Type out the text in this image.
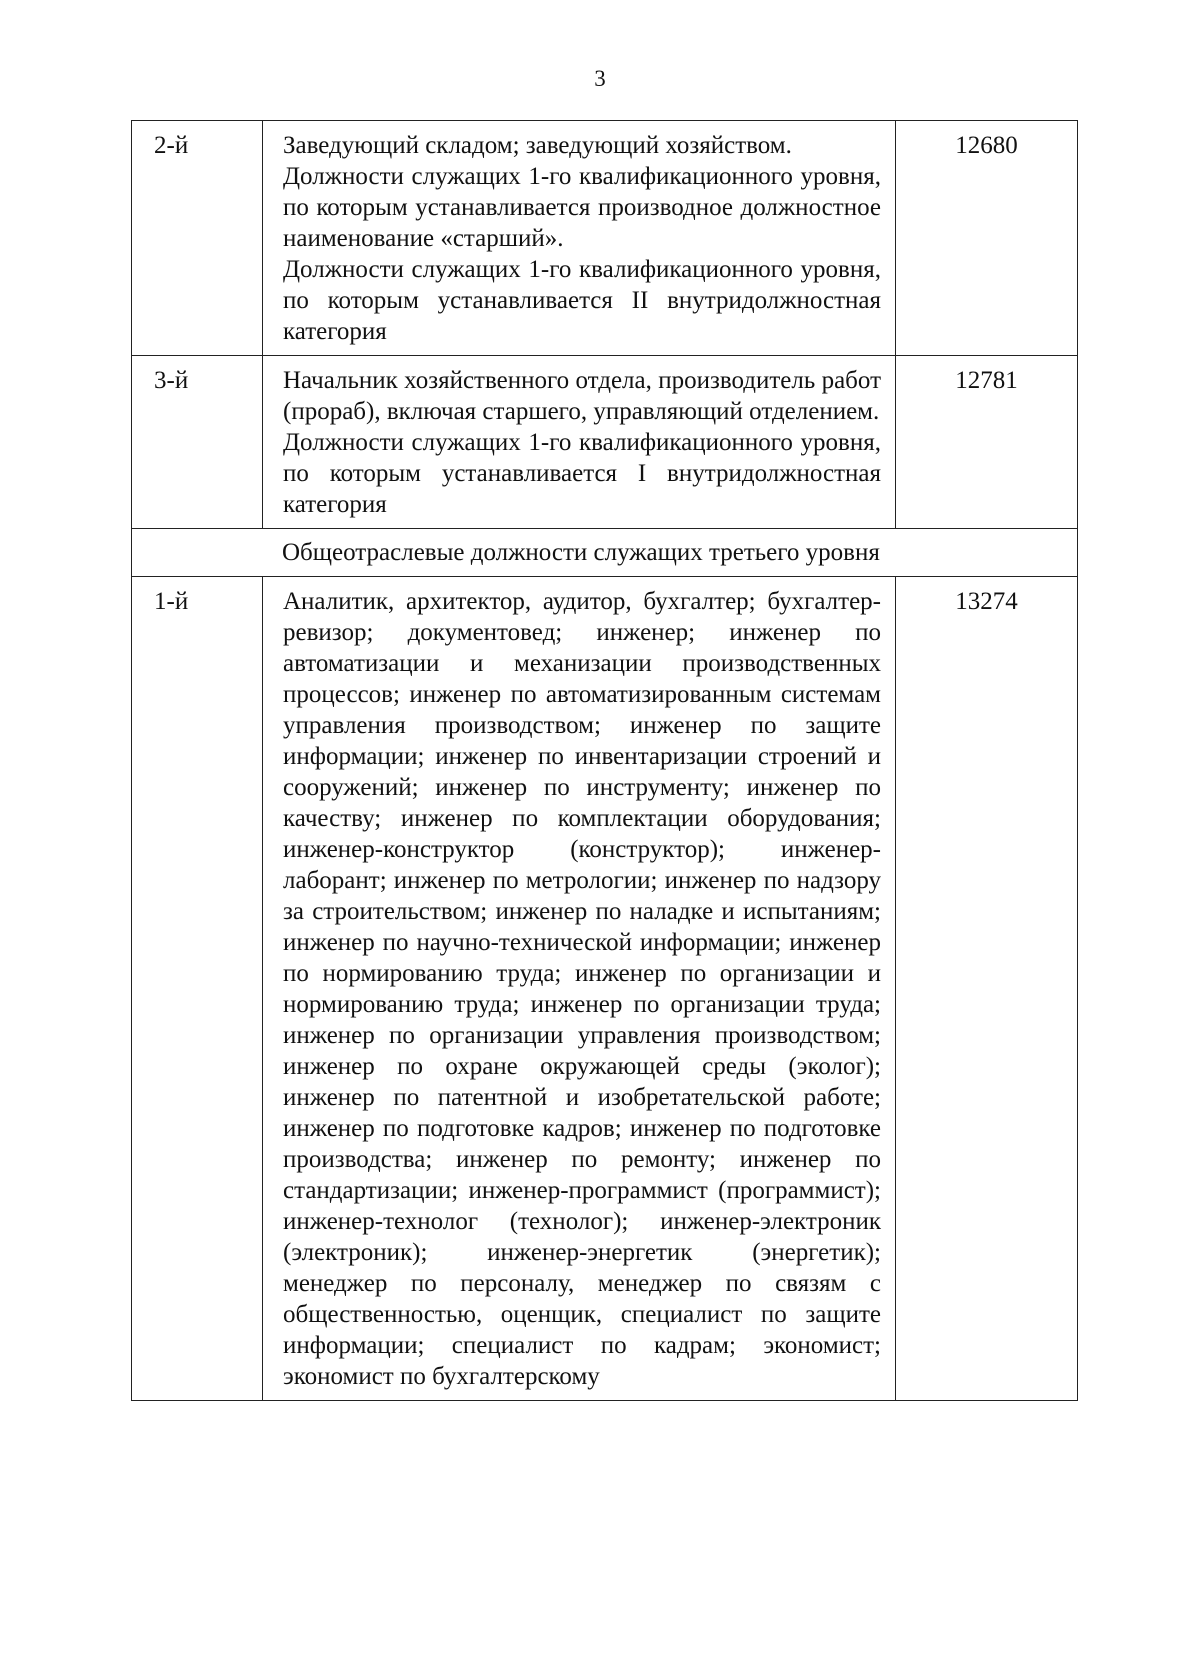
3
2-й	Заведующий складом; заведующий хозяйством.
Должности служащих 1-го квалификационного уровня, по которым устанавливается производное должностное наименование «старший».
Должности служащих 1-го квалификационного уровня, по которым устанавливается II внутридолжностная категория	12680
3-й	Начальник хозяйственного отдела, производитель работ (прораб), включая старшего, управляющий отделением.
Должности служащих 1-го квалификационного уровня, по которым устанавливается I внутридолжностная категория	12781
Общеотраслевые должности служащих третьего уровня		
1-й	Аналитик, архитектор, аудитор, бухгалтер; бухгалтер-ревизор; документовед; инженер; инженер по автоматизации и механизации производственных процессов; инженер по автоматизированным системам управления производством; инженер по защите информации; инженер по инвентаризации строений и сооружений; инженер по инструменту; инженер по качеству; инженер по комплектации оборудования; инженер-конструктор (конструктор); инженер-лаборант; инженер по метрологии; инженер по надзору за строительством; инженер по наладке и испытаниям; инженер по научно-технической информации; инженер по нормированию труда; инженер по организации и нормированию труда; инженер по организации труда; инженер по организации управления производством; инженер по охране окружающей среды (эколог); инженер по патентной и изобретательской работе; инженер по подготовке кадров; инженер по подготовке производства; инженер по ремонту; инженер по стандартизации; инженер-программист (программист); инженер-технолог (технолог); инженер-электроник (электроник); инженер-энергетик (энергетик); менеджер по персоналу, менеджер по связям с общественностью, оценщик, специалист по защите информации; специалист по кадрам; экономист; экономист по бухгалтерскому	13274
